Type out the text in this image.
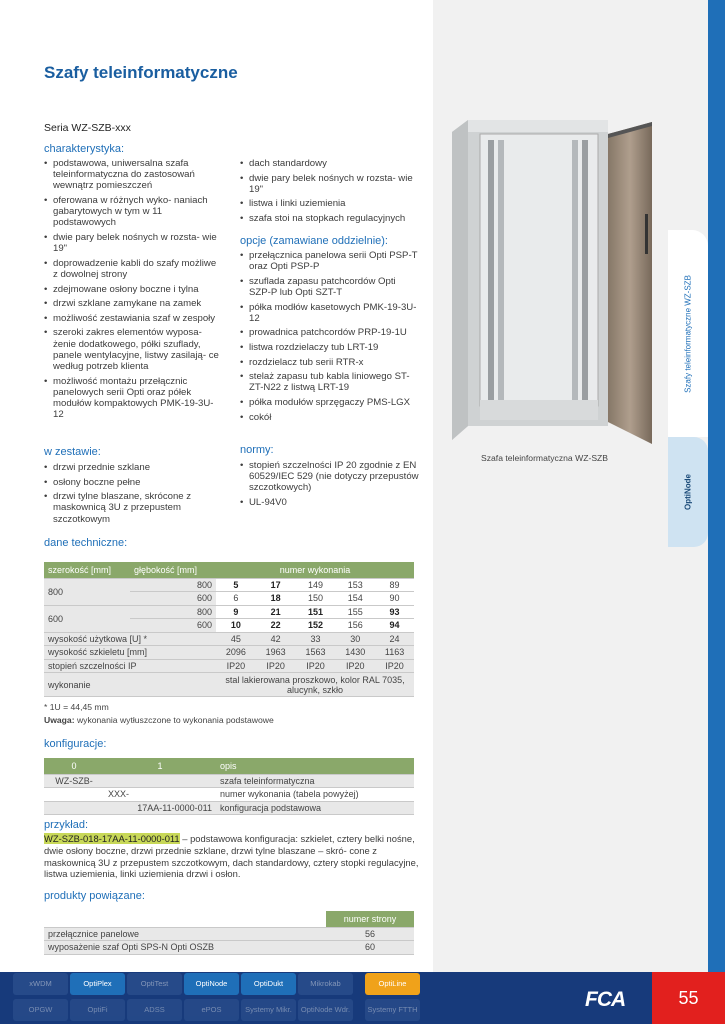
Szafy teleinformatyczne
Seria WZ-SZB-xxx
charakterystyka:
• podstawowa, uniwersalna szafa teleinformatyczna do zastosowań wewnątrz pomieszczeń
• oferowana w różnych wyko- naniach gabarytowych w tym w 11 podstawowych
• dwie pary belek nośnych w rozsta- wie 19"
• doprowadzenie kabli do szafy możliwe z dowolnej strony
• zdejmowane osłony boczne i tylna
• drzwi szklane zamykane na zamek
• możliwość zestawiania szaf w zespoły
• szeroki zakres elementów wyposa- żenie dodatkowego, półki szuflady, panele wentylacyjne, listwy zasilają- ce według potrzeb klienta
• możliwość montażu przełącznic panelowych serii Opti oraz półek modułów kompaktowych PMK-19-3U-12
w zestawie:
• drzwi przednie szklane
• osłony boczne pełne
• drzwi tylne blaszane, skrócone z maskownicą 3U z przepustem szczotkowym
• dach standardowy
• dwie pary belek nośnych w rozsta- wie 19"
• listwa i linki uziemienia
• szafa stoi na stopkach regulacyjnych
opcje (zamawiane oddzielnie):
• przełącznica panelowa serii Opti PSP-T oraz Opti PSP-P
• szuflada zapasu patchcordów Opti SZP-P lub Opti SZT-T
• półka modłów kasetowych PMK-19-3U-12
• prowadnica patchcordów PRP-19-1U
• listwa rozdzielaczy tub LRT-19
• rozdzielacz tub serii RTR-x
• stelaż zapasu tub kabla liniowego ST-ZT-N22 z listwą LRT-19
• półka modułów sprzęgaczy PMS-LGX
• cokół
normy:
• stopień szczelności IP 20 zgodnie z EN 60529/IEC 529 (nie dotyczy przepustów szczotkowych)
• UL-94V0
Szafa teleinformatyczna WZ-SZB
Szafy teleinformatyczne WZ-SZB
OptiNode
dane techniczne:
szerokość [mm]	głębokość [mm]	numer wykonania				
800	800	5	17	149	153	89
	600	6	18	150	154	90
600	800	9	21	151	155	93
	600	10	22	152	156	94
wysokość użytkowa [U] *		45	42	33	30	24
wysokość szkieletu [mm]		2096	1963	1563	1430	1163
stopień szczelności IP		IP20	IP20	IP20	IP20	IP20
wykonanie		stal lakierowana proszkowo, kolor RAL 7035,
alucynk, szkło				
* 1U = 44,45 mm
Uwaga: wykonania wytłuszczone to wykonania podstawowe
konfiguracje:
0	1	opis
WZ-SZB-		szafa teleinformatyczna
	XXX-	numer wykonania (tabela powyżej)
	17AA-11-0000-011	konfiguracja podstawowa
przykład:
WZ-SZB-018-17AA-11-0000-011 – podstawowa konfiguracja: szkielet, cztery belki nośne, dwie osłony boczne, drzwi przednie szklane, drzwi tylne blaszane – skró- cone z maskownicą 3U z przepustem szczotkowym, dach standardowy, cztery stopki regulacyjne, listwa uziemienia, linki uziemienia drzwi i osłon.
produkty powiązane:
	numer strony
przełącznice panelowe	56
wyposażenie szaf Opti SPS-N Opti OSZB	60
xWDM	OptiPlex	OptiTest	OptiNode	OptiDukt	Mikrokab	OptiLine
OPGW	OptiFi	ADSS	ePOS	Systemy Mikr.	OptiNode Wdr.	Systemy FTTH	FCA	55
